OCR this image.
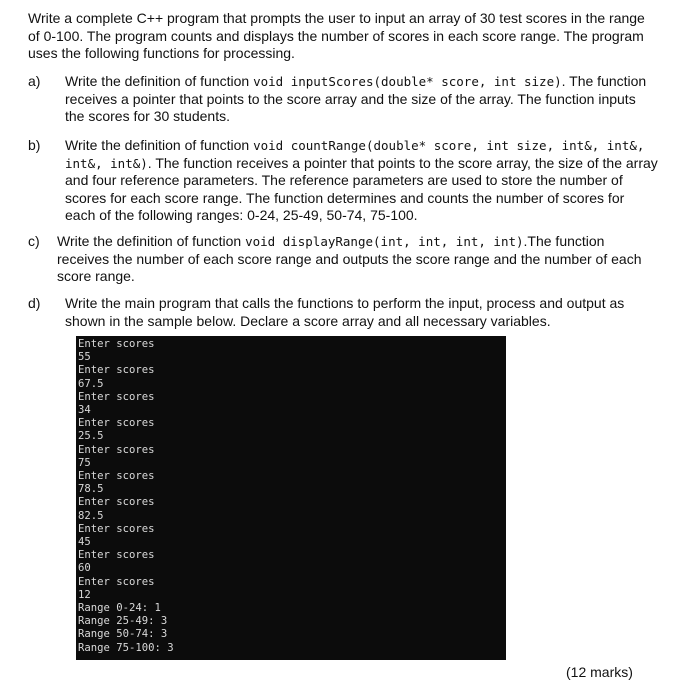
Write a complete C++ program that prompts the user to input an array of 30 test scores in the range of 0-100. The program counts and displays the number of scores in each score range. The program uses the following functions for processing.
a) Write the definition of function void inputScores(double* score, int size). The function receives a pointer that points to the score array and the size of the array. The function inputs the scores for 30 students.
b) Write the definition of function void countRange(double* score, int size, int&, int&, int&, int&). The function receives a pointer that points to the score array, the size of the array and four reference parameters. The reference parameters are used to store the number of scores for each score range. The function determines and counts the number of scores for each of the following ranges: 0-24, 25-49, 50-74, 75-100.
c) Write the definition of function void displayRange(int, int, int, int).The function receives the number of each score range and outputs the score range and the number of each score range.
d) Write the main program that calls the functions to perform the input, process and output as shown in the sample below. Declare a score array and all necessary variables.
Enter scores
55
Enter scores
67.5
Enter scores
34
Enter scores
25.5
Enter scores
75
Enter scores
78.5
Enter scores
82.5
Enter scores
45
Enter scores
60
Enter scores
12
Range 0-24: 1
Range 25-49: 3
Range 50-74: 3
Range 75-100: 3
(12 marks)
